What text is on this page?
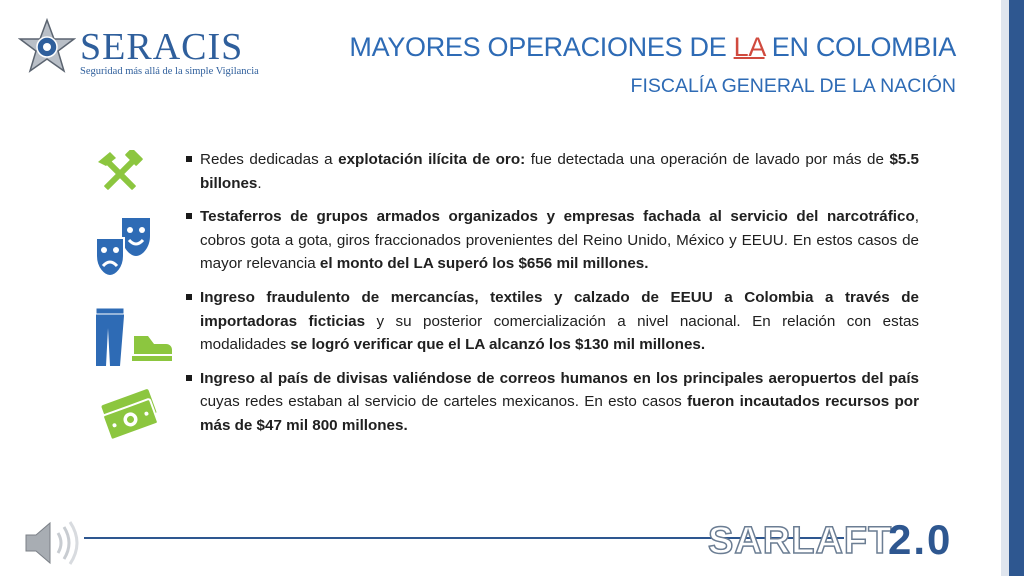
SERACIS
Seguridad más allá de la simple Vigilancia
MAYORES OPERACIONES DE LA EN COLOMBIA
FISCALÍA GENERAL DE LA NACIÓN
Redes dedicadas a explotación ilícita de oro: fue detectada una operación de lavado por más de $5.5 billones.
Testaferros de grupos armados organizados y empresas fachada al servicio del narcotráfico, cobros gota a gota, giros fraccionados provenientes del Reino Unido, México y EEUU. En estos casos de mayor relevancia el monto del LA superó los $656 mil millones.
Ingreso fraudulento de mercancías, textiles y calzado de EEUU a Colombia a través de importadoras ficticias y su posterior comercialización a nivel nacional. En relación con estas modalidades se logró verificar que el LA alcanzó los $130 mil millones.
Ingreso al país de divisas valiéndose de correos humanos en los principales aeropuertos del país cuyas redes estaban al servicio de carteles mexicanos. En esto casos fueron incautados recursos por más de $47 mil 800 millones.
SARLAFT
2.0
